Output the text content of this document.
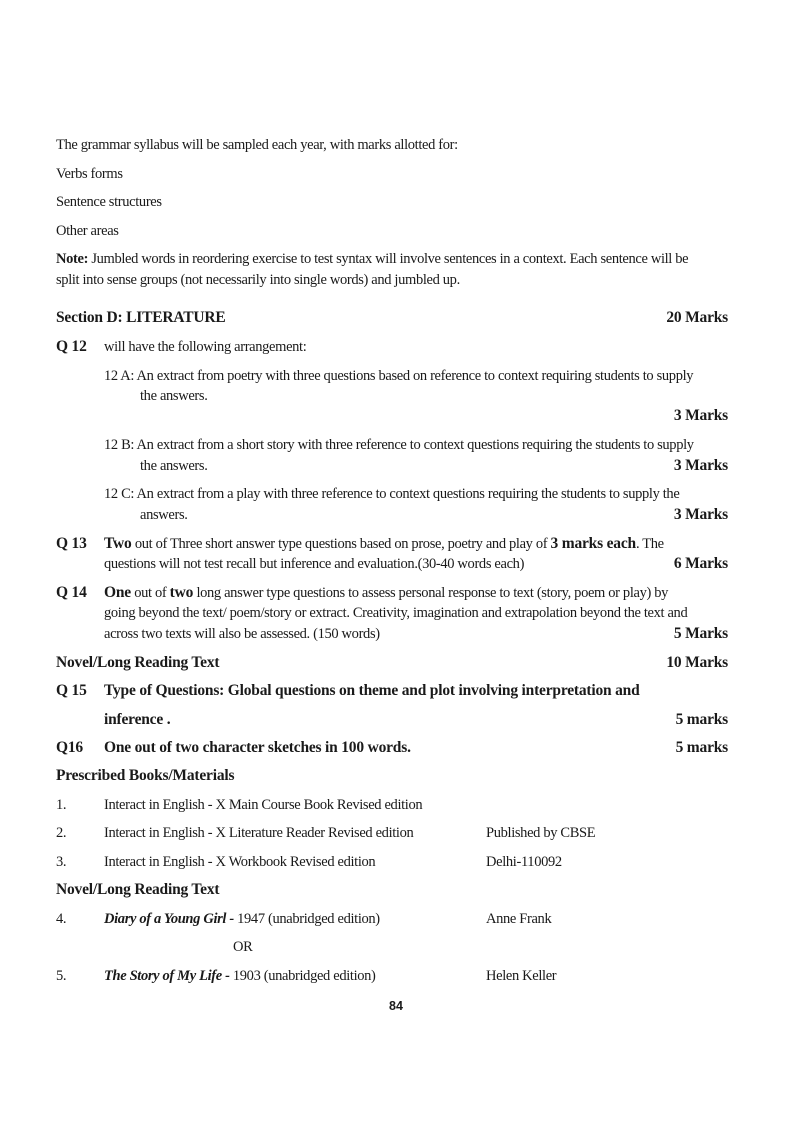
The grammar syllabus will be sampled each year, with marks allotted for:
Verbs forms
Sentence structures
Other areas
Note: Jumbled words in reordering exercise to test syntax will involve sentences in a context. Each sentence will be
split into sense groups (not necessarily into single words) and jumbled up.
Section D: LITERATURE	20 Marks
Q 12 will have the following arrangement:
12 A: An extract from poetry with three questions based on reference to context requiring students to supply
the answers.
3 Marks
12 B: An extract from a short story with three reference to context questions requiring the students to supply
the answers.	3 Marks
12 C: An extract from a play with three reference to context questions requiring the students to supply the
answers.	3 Marks
Q 13 Two out of Three short answer type questions based on prose, poetry and play of 3 marks each. The
questions will not test recall but inference and evaluation.(30-40 words each)	6 Marks
Q 14 One out of two long answer type questions to assess personal response to text (story, poem or play) by
going beyond the text/ poem/story or extract. Creativity, imagination and extrapolation beyond the text and
across two texts will also be assessed. (150 words)	5 Marks
Novel/Long Reading Text	10 Marks
Q 15 Type of Questions: Global questions on theme and plot involving interpretation and
inference .	5 marks
Q16 One out of two character sketches in 100 words.	5 marks
Prescribed Books/Materials
1.	Interact in English - X Main Course Book Revised edition
2.	Interact in English - X Literature Reader Revised edition	Published by CBSE
3.	Interact in English - X Workbook Revised edition	Delhi-110092
Novel/Long Reading Text
4.	Diary of a Young Girl - 1947 (unabridged edition)	Anne Frank
OR
5.	The Story of My Life - 1903 (unabridged edition)	Helen Keller
84
